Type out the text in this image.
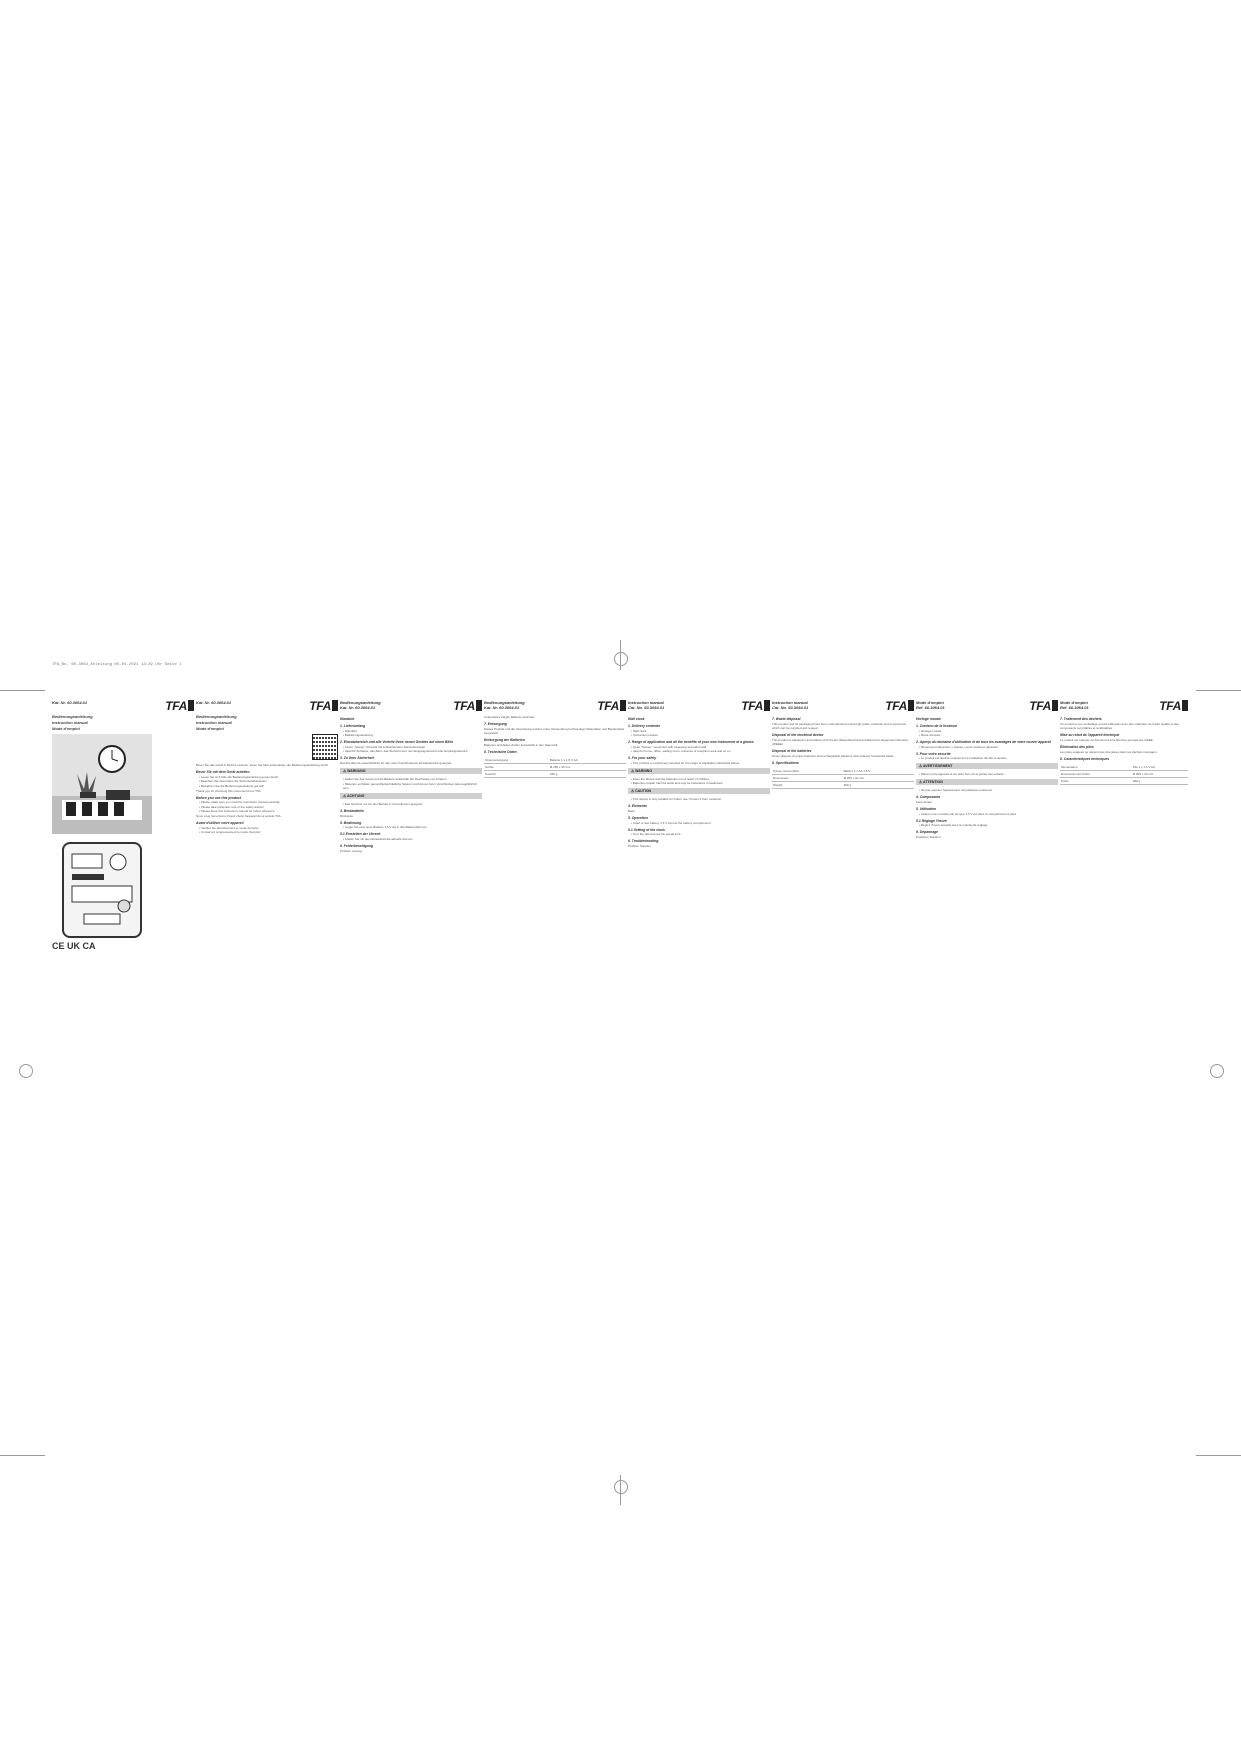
TFA_No. 60.3064_Anleitung 05.04.2021 13:29 Uhr Seite 1
Kat. Nr. 60.3064.01	TFA
Bedienungsanleitung
Instruction manual
Mode d'emploi
CE UK CA
Kat. Nr. 60.3064.01	TFA
Bedienungsanleitung
Instruction manual
Mode d'emploi
Bevor Sie das Gerät in Betrieb nehmen, lesen Sie bitte aufmerksam die Bedienungsanleitung durch.
Bevor Sie mit dem Gerät arbeiten
• Lesen Sie sich bitte die Bedienungsanleitung genau durch.
• Beachten Sie besonders die Sicherheitshinweise!
• Bewahren Sie die Bedienungsanleitung gut auf!
Thank you for choosing this instrument from TFA.
Before you use this product
• Please make sure you read the instruction manual carefully.
• Please take particular note of the safety advice!
• Please keep this instruction manual for future reference.
Nous vous remercions d'avoir choisi l'appareil de la société TFA.
Avant d'utiliser votre appareil
• Veuillez lire attentivement le mode d'emploi.
• Conservez soigneusement le mode d'emploi!
Bedienungsanleitung
Kat. Nr. 60.3064.01	TFA
Wanduhr
1. Lieferumfang
• Wanduhr
• Bedienungsanleitung
2. Einsatzbereich und alle Vorteile Ihres neuen Gerätes auf einen Blick
• Leiser „Sweep" Uhrwerk mit schleichendem Sekundenzeiger
• Ideal für Zuhause, das Büro, das Wohnzimmer, den Eingangsbereich oder Empfangsbereich
3. Zu Ihrer Sicherheit
Das Produkt ist ausschließlich für den oben beschriebenen Einsatzbereich geeignet.
⚠ WARNUNG
• Halten Sie das Gerät und die Batterie außerhalb der Reichweite von Kindern.
• Batterien enthalten gesundheitsschädliche Säuren und können beim Verschlucken lebensgefährlich sein.
⚠ ACHTUNG
• Das Gerät ist nur für den Betrieb in Innenräumen geeignet.
4. Bestandteile
Rückseite
5. Bedienung
• Legen Sie eine neue Batterie 1,5 V AA in das Batteriefach ein.
5.1 Einstellen der Uhrzeit
• Stellen Sie mit dem Einstellrad die aktuelle Zeit ein.
6. Fehlerbeseitigung
Problem Lösung
Bedienungsanleitung
Kat. Nr. 60.3064.01	TFA
Unkorrektes Zeigen Batterie wechseln
7. Entsorgung
Dieses Produkt und die Verpackung wurden unter Verwendung hochwertiger Materialien und Bestandteile hergestellt.
Entsorgung der Batterien
Batterien und Akkus dürfen keinesfalls in den Hausmüll.
8. Technische Daten
Stromversorgung	Batterie 1 x 1,5 V AA
Größe	Ø 256 x 40 mm
Gewicht	360 g
Instruction manual
Cat. No. 60.3064.01	TFA
Wall clock
1. Delivery contents
• Wall clock
• Instruction manual
2. Range of application and all the benefits of your new instrument at a glance
• Quiet "Sweep" movement with sweeping seconds hand
• Ideal for home, office, waiting room, entrance or reception area and so on
3. For your safety
• This product is exclusively intended for the range of application described above.
⚠ WARNING
• Keep the device and the batteries out of reach of children.
• Batteries contain harmful acids and may be hazardous if swallowed.
⚠ CAUTION
• This device is only suitable for indoor use. Protect it from moisture!
4. Elements
Back
5. Operation
• Insert a new battery 1.5 V AA into the battery compartment.
5.1 Setting of the clock
• Turn the dial and set the actual time.
6. Troubleshooting
Problem Solution
Instruction manual
Cat. No. 60.3064.01	TFA
7. Waste disposal
This product and its packaging have been manufactured using high-grade materials and components which can be recycled and reused.
Disposal of the electrical device
This product is labelled in accordance with the EU Waste Electrical and Electronic Equipment Directive (WEEE).
Disposal of the batteries
Never dispose of empty batteries and rechargeable batteries with ordinary household waste.
8. Specifications
Power consumption	Battery 1 x AA 1.5 V
Dimensions	Ø 256 x 40 mm
Weight	360 g
Mode d'emploi
Réf. 60.3064.01	TFA
Horloge murale
1. Contenu de la livraison
• Horloge murale
• Mode d'emploi
2. Aperçu du domaine d'utilisation et de tous les avantages de votre nouvel appareil
• Mouvement silencieux « Sweep » avec trotteuse glissante
3. Pour votre sécurité
• Le produit est destiné uniquement à l'utilisation décrite ci-dessus.
⚠ AVERTISSEMENT
• Placez votre appareil et les piles hors de la portée des enfants.
⚠ ATTENTION
• Ne pas exposer l'appareil aux températures extrêmes.
4. Composants
Face arrière
5. Utilisation
• Insérez une nouvelle pile de type 1,5 V AA dans le compartiment à piles.
5.1 Réglage l'heure
• Réglez l'heure actuelle avec la molette de réglage.
6. Dépannage
Problème Solution
Mode d'emploi
Réf. 60.3064.01	TFA
7. Traitement des déchets
Ce produit et son emballage ont été fabriqués avec des matériaux de haute qualité et des composants recyclables et réutilisables.
Mise au rebut de l'appareil électrique
Le produit est marqué conformément à la directive européenne DEEE.
Élimination des piles
Les piles usagées ne doivent pas être jetées dans les déchets ménagers.
8. Caractéristiques techniques
Alimentation	Pile 1 x 1,5 V AA
Dimensions du boîtier	Ø 256 x 40 mm
Poids	360 g
